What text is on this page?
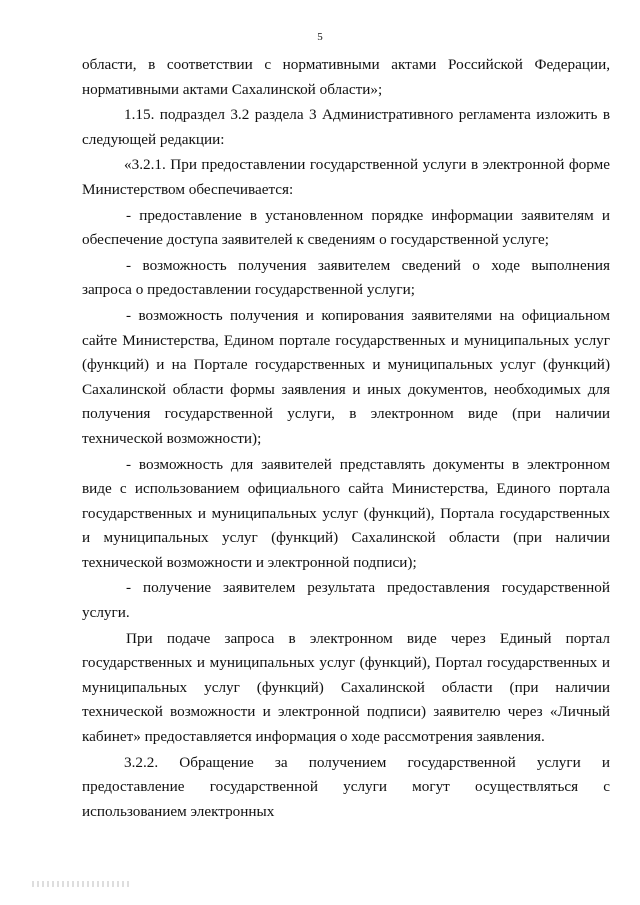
5

области, в соответствии с нормативными актами Российской Федерации, нормативными актами Сахалинской области»;

1.15. подраздел 3.2 раздела 3 Административного регламента изложить в следующей редакции:

«3.2.1. При предоставлении государственной услуги в электронной форме Министерством обеспечивается:

- предоставление в установленном порядке информации заявителям и обеспечение доступа заявителей к сведениям о государственной услуге;

- возможность получения заявителем сведений о ходе выполнения запроса о предоставлении государственной услуги;

- возможность получения и копирования заявителями на официальном сайте Министерства, Едином портале государственных и муниципальных услуг (функций) и на Портале государственных и муниципальных услуг (функций) Сахалинской области формы заявления и иных документов, необходимых для получения государственной услуги, в электронном виде (при наличии технической возможности);

- возможность для заявителей представлять документы в электронном виде с использованием официального сайта Министерства, Единого портала государственных и муниципальных услуг (функций), Портала государственных и муниципальных услуг (функций) Сахалинской области (при наличии технической возможности и электронной подписи);

- получение заявителем результата предоставления государственной услуги.

При подаче запроса в электронном виде через Единый портал государственных и муниципальных услуг (функций), Портал государственных и муниципальных услуг (функций) Сахалинской области (при наличии технической возможности и электронной подписи) заявителю через «Личный кабинет» предоставляется информация о ходе рассмотрения заявления.

3.2.2. Обращение за получением государственной услуги и предоставление государственной услуги могут осуществляться с использованием электронных
